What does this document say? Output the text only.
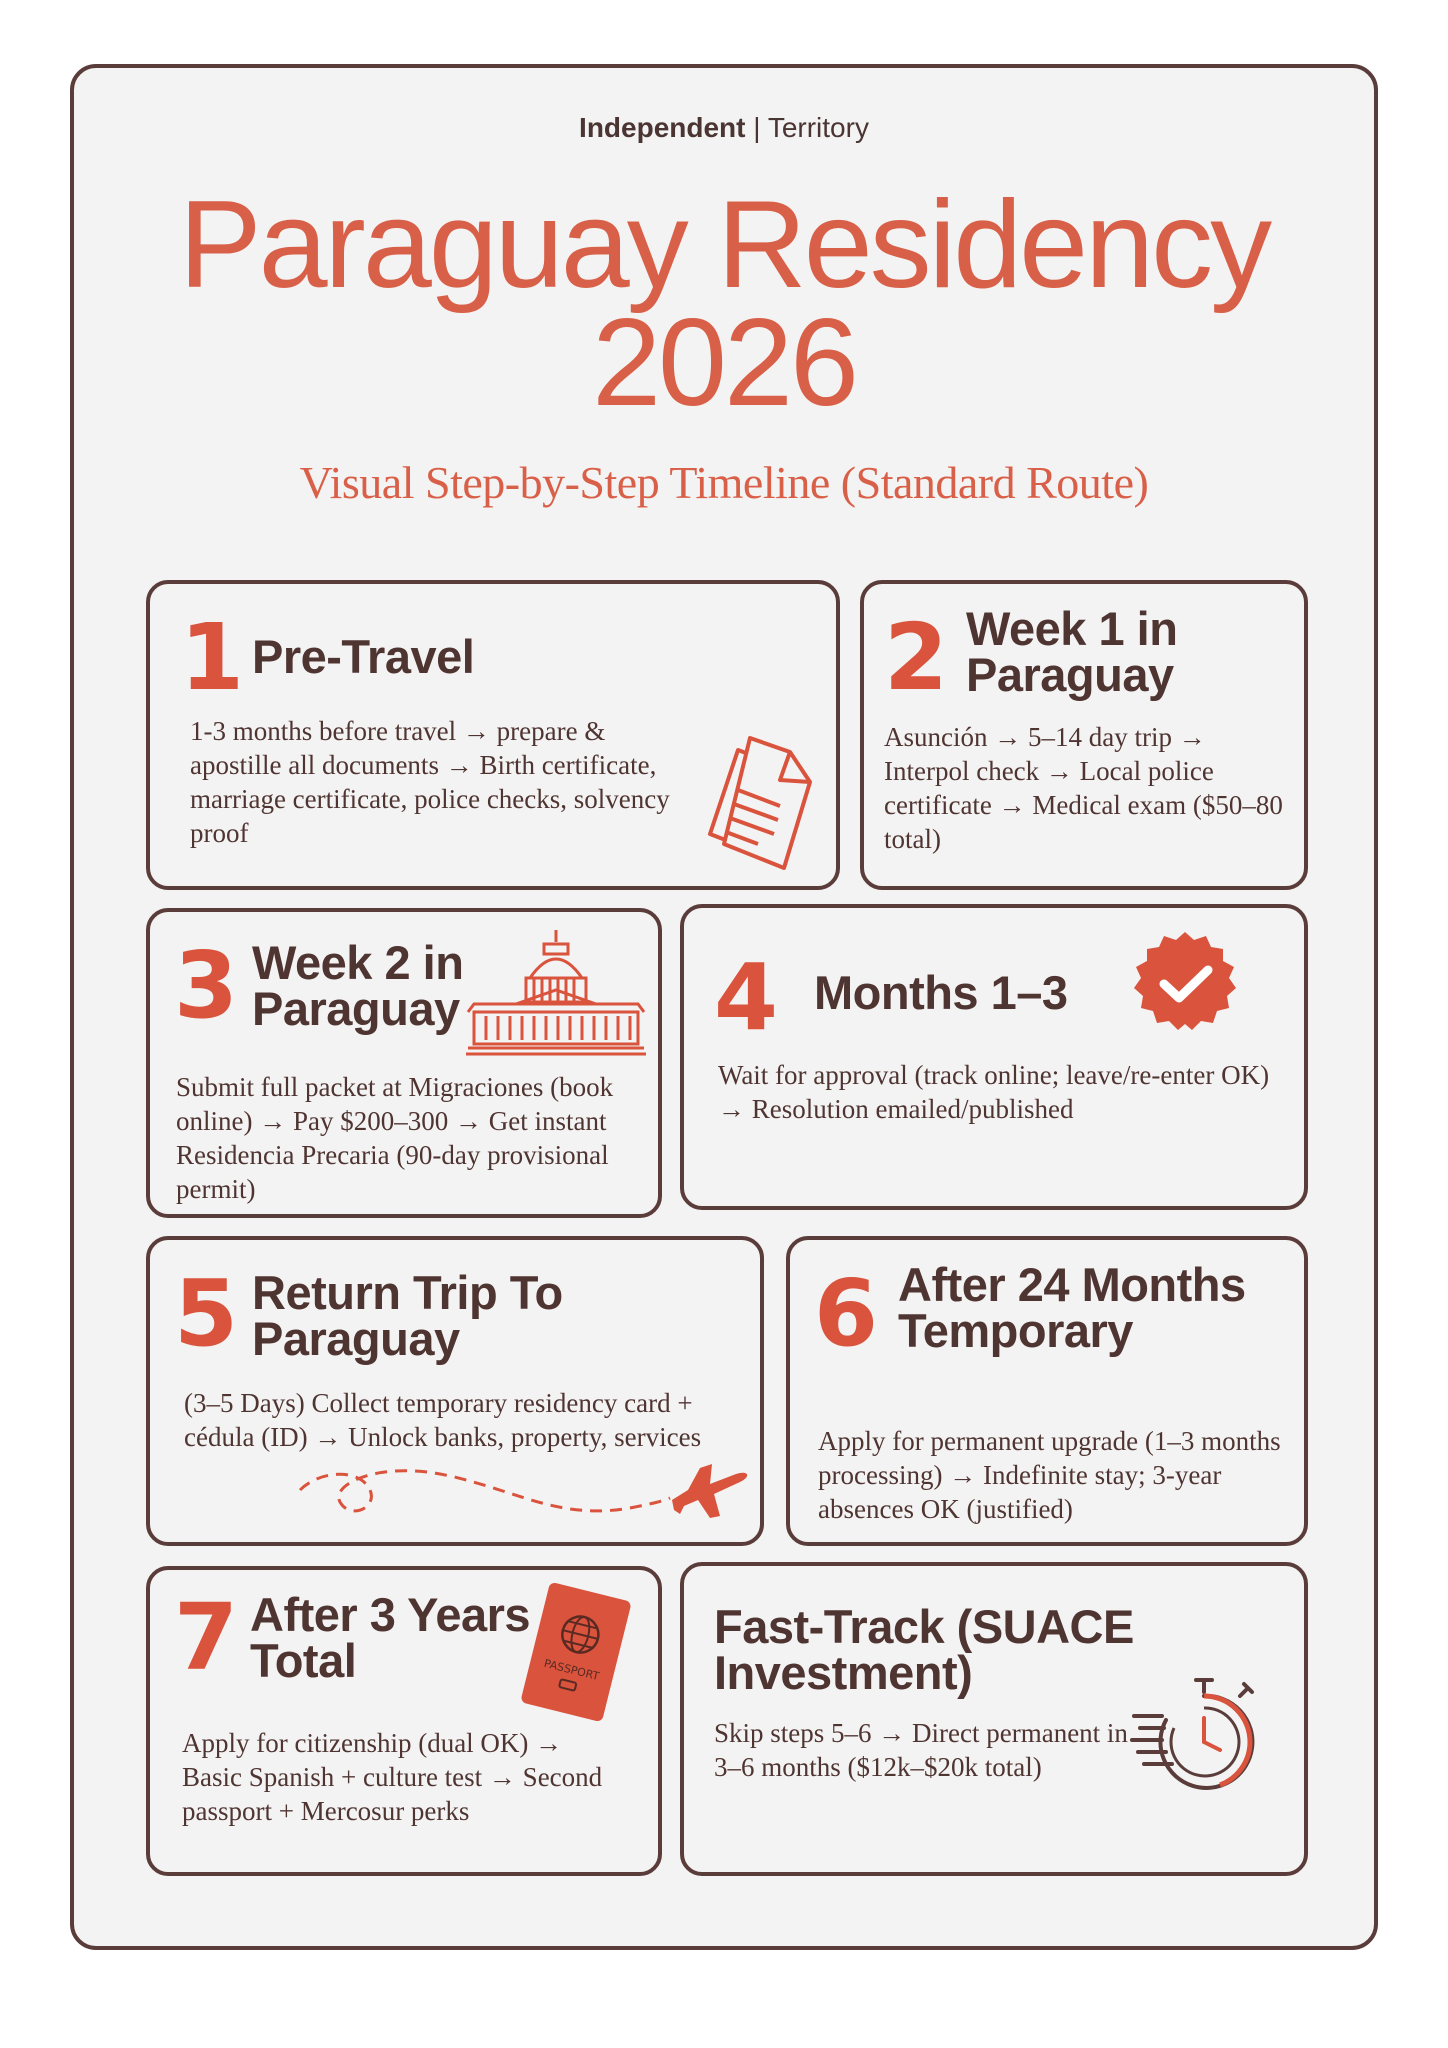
Independent | Territory
Paraguay Residency
2026
Visual Step-by-Step Timeline (Standard Route)
1 Pre-Travel
1-3 months before travel → prepare & apostille all documents → Birth certificate, marriage certificate, police checks, solvency proof
2 Week 1 in Paraguay
Asunción → 5–14 day trip → Interpol check → Local police certificate → Medical exam ($50–80 total)
3 Week 2 in Paraguay
Submit full packet at Migraciones (book online) → Pay $200–300 → Get instant Residencia Precaria (90-day provisional permit)
4 Months 1–3
Wait for approval (track online; leave/re-enter OK) → Resolution emailed/published
5 Return Trip To Paraguay
(3–5 Days) Collect temporary residency card + cédula (ID) → Unlock banks, property, services
6 After 24 Months Temporary
Apply for permanent upgrade (1–3 months processing) → Indefinite stay; 3-year absences OK (justified)
7 After 3 Years Total
Apply for citizenship (dual OK) → Basic Spanish + culture test → Second passport + Mercosur perks
PASSPORT
Fast-Track (SUACE Investment)
Skip steps 5–6 → Direct permanent in 3–6 months ($12k–$20k total)
